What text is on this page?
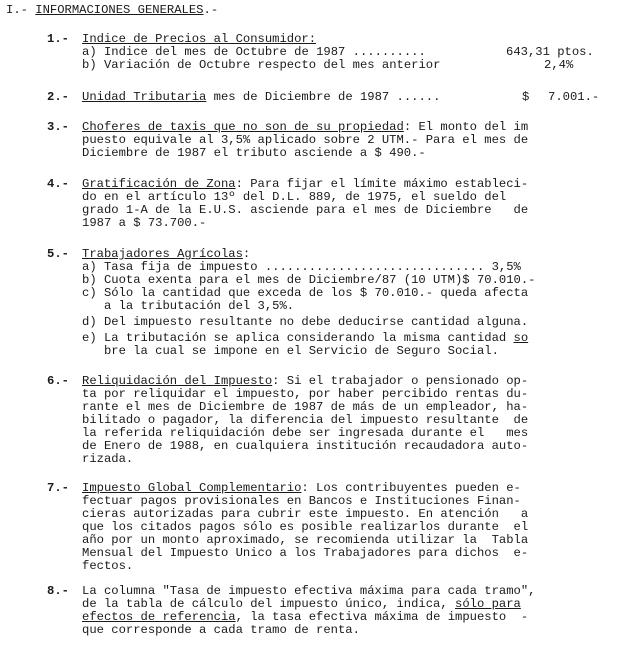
I.- INFORMACIONES GENERALES.-
1.- Indice de Precios al Consumidor:
a) Indice del mes de Octubre de 1987 ..........	643,31 ptos.
b) Variación de Octubre respecto del mes anterior	2,4%
2.- Unidad Tributaria mes de Diciembre de 1987 ......	$ 7.001.-
3.- Choferes de taxis que no son de su propiedad: El monto del im
puesto equivale al 3,5% aplicado sobre 2 UTM.- Para el mes de
Diciembre de 1987 el tributo asciende a $ 490.-
4.- Gratificación de Zona: Para fijar el límite máximo estableci-
do en el artículo 13º del D.L. 889, de 1975, el sueldo del
grado 1-A de la E.U.S. asciende para el mes de Diciembre   de
1987 a $ 73.700.-
5.- Trabajadores Agrícolas:
a) Tasa fija de impuesto .............................. 3,5%
b) Cuota exenta para el mes de Diciembre/87 (10 UTM)$ 70.010.-
c) Sólo la cantidad que exceda de los $ 70.010.- queda afecta
a la tributación del 3,5%.
d) Del impuesto resultante no debe deducirse cantidad alguna.
e) La tributación se aplica considerando la misma cantidad so
bre la cual se impone en el Servicio de Seguro Social.
6.- Reliquidación del Impuesto: Si el trabajador o pensionado op-
ta por reliquidar el impuesto, por haber percibido rentas du-
rante el mes de Diciembre de 1987 de más de un empleador, ha-
bilitado o pagador, la diferencia del impuesto resultante  de
la referida reliquidación debe ser ingresada durante el   mes
de Enero de 1988, en cualquiera institución recaudadora auto-
rizada.
7.- Impuesto Global Complementario: Los contribuyentes pueden e-
fectuar pagos provisionales en Bancos e Instituciones Finan-
cieras autorizadas para cubrir este impuesto. En atención   a
que los citados pagos sólo es posible realizarlos durante  el
año por un monto aproximado, se recomienda utilizar la  Tabla
Mensual del Impuesto Unico a los Trabajadores para dichos  e-
fectos.
8.- La columna "Tasa de impuesto efectiva máxima para cada tramo",
de la tabla de cálculo del impuesto único, indica, sólo para
efectos de referencia, la tasa efectiva máxima de impuesto  -
que corresponde a cada tramo de renta.
